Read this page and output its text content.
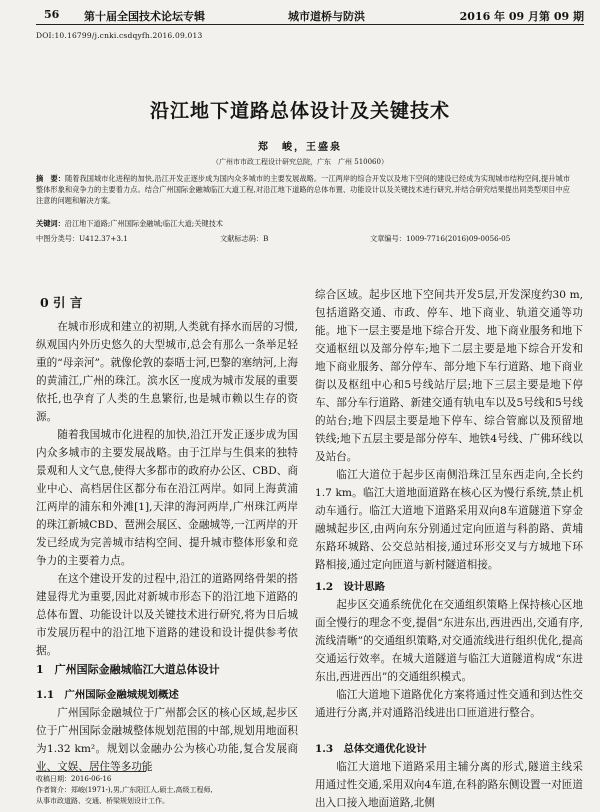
56 第十届全国技术论坛专辑	城市道桥与防洪	2016 年 09 月第 09 期
DOI:10.16799/j.cnki.csdqyfh.2016.09.013
沿江地下道路总体设计及关键技术
郑　峻，王盛泉
（广州市市政工程设计研究总院，广东　广州 510060）
摘　要：随着我国城市化进程的加快,沿江开发正逐步成为国内众多城市的主要发展战略。一江两岸的综合开发以及地下空间的建设已经成为实现城市结构空间,提升城市整体形象和竞争力的主要着力点。结合广州国际金融城临江大道工程,对沿江地下道路的总体布置、功能设计以及关键技术进行研究,并结合研究结果提出同类型项目中应注意的问题和解决方案。
关键词：沿江地下道路;广州国际金融城;临江大道;关键技术
中图分类号：U412.37+3.1	文献标志码：B	文章编号：1009-7716(2016)09-0056-05
0 引 言

在城市形成和建立的初期,人类就有择水而居的习惯,纵观国内外历史悠久的大型城市,总会有那么一条举足轻重的“母亲河”。就像伦敦的泰晤士河,巴黎的塞纳河,上海的黄浦江,广州的珠江。滨水区一度成为城市发展的重要依托,也孕育了人类的生息繁衍,也是城市赖以生存的资源。

随着我国城市化进程的加快,沿江开发正逐步成为国内众多城市的主要发展战略。由于江岸与生俱来的独特景观和人文气息,使得大多都市的政府办公区、CBD、商业中心、高档居住区都分布在沿江两岸。如同上海黄浦江两岸的浦东和外滩[1],天津的海河两岸,广州珠江两岸的珠江新城CBD、琶洲会展区、金融城等,一江两岸的开发已经成为完善城市结构空间、提升城市整体形象和竞争力的主要着力点。

在这个建设开发的过程中,沿江的道路网络骨架的搭建显得尤为重要,因此对新城市形态下的沿江地下道路的总体布置、功能设计以及关键技术进行研究,将为日后城市发展历程中的沿江地下道路的建设和设计提供参考依据。

1　广州国际金融城临江大道总体设计
1.1　广州国际金融城规划概述

广州国际金融城位于广州都会区的核心区域,起步区位于广州国际金融城整体规划范围的中部,规划用地面积为1.32 km²。规划以金融办公为核心功能,复合发展商业、文娱、居住等多功能

收稿日期：2016-06-16
作者简介：郑峻(1971-),男,广东阳江人,硕士,高级工程师,
从事市政道路、交通、桥梁规划设计工作。

综合区域。起步区地下空间共开发5层,开发深度约30 m,包括道路交通、市政、停车、地下商业、轨道交通等功能。地下一层主要是地下综合开发、地下商业服务和地下交通枢纽以及部分停车;地下二层主要是地下综合开发和地下商业服务、部分停车、部分地下车行道路、地下商业街以及枢纽中心和5号线站厅层;地下三层主要是地下停车、部分车行道路、新建交通有轨电车以及5号线和5号线的站台;地下四层主要是地下停车、综合管廊以及预留地铁线;地下五层主要是部分停车、地铁4号线、广佛环线以及站台。

临江大道位于起步区南侧沿珠江呈东西走向,全长约1.7 km。临江大道地面道路在核心区为慢行系统,禁止机动车通行。临江大道地下道路采用双向8车道隧道下穿金融城起步区,由两向东分别通过定向匝道与科韵路、黄埔东路环城路、公交总站相接,通过环形交叉与方城地下环路相接,通过定向匝道与新村隧道相接。

1.2　设计思路

起步区交通系统优化在交通组织策略上保持核心区地面全慢行的理念不变,提倡“东进东出,西进西出,交通有序,流线清晰”的交通组织策略,对交通流线进行组织优化,提高交通运行效率。在城大道隧道与临江大道隧道构成“东进东出,西进西出”的交通组织模式。

临江大道地下道路优化方案将通过性交通和到达性交通进行分离,并对通路沿线进出口匝道进行整合。

1.3　总体交通优化设计

临江大道地下道路采用主辅分离的形式,隧道主线采用通过性交通,采用双向4车道,在科韵路东侧设置一对匝道出入口接入地面道路,北侧
